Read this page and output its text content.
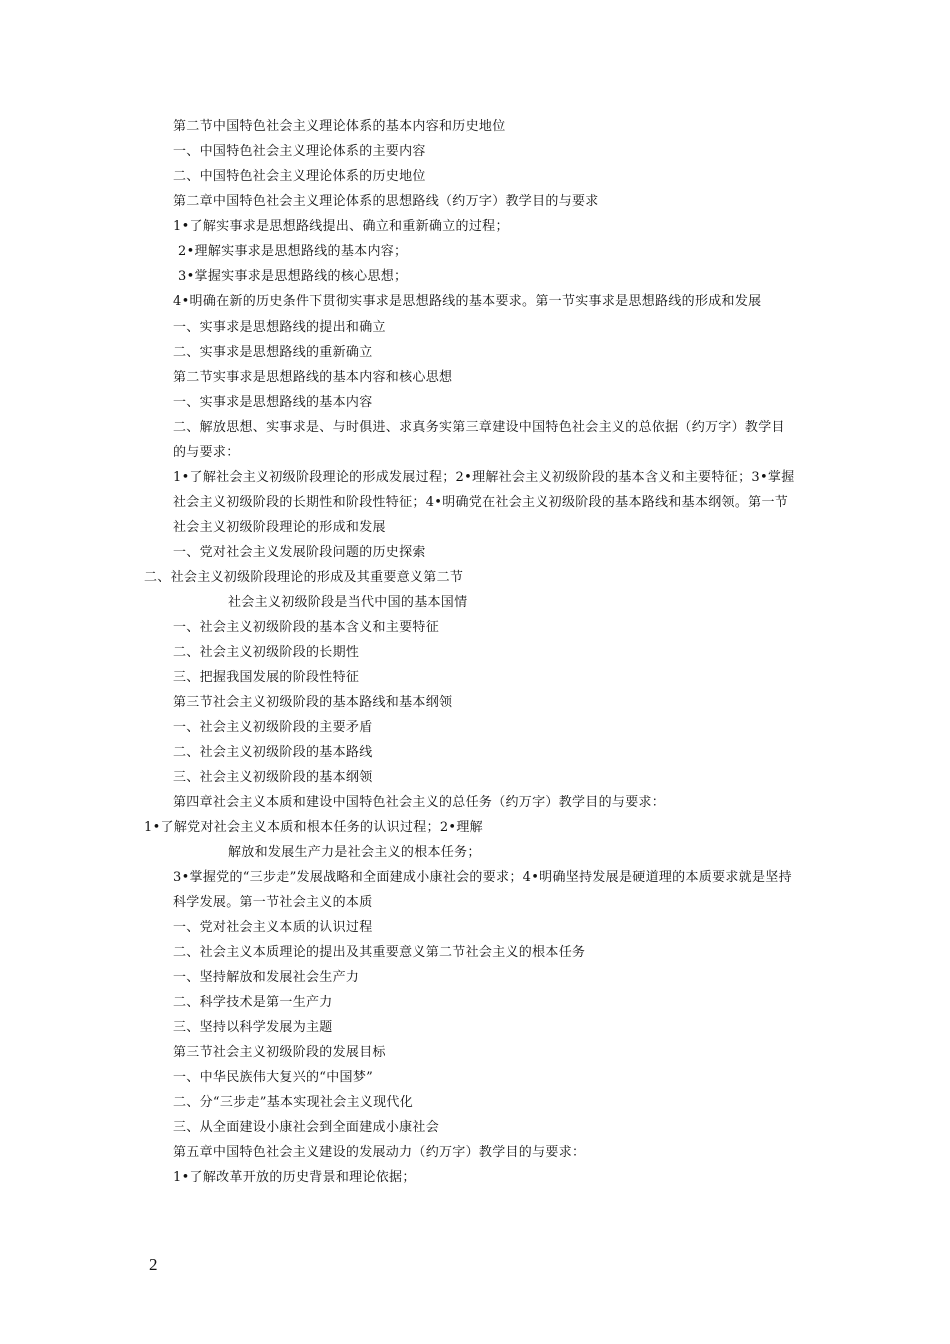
第二节中国特色社会主义理论体系的基本内容和历史地位
一、中国特色社会主义理论体系的主要内容
二、中国特色社会主义理论体系的历史地位
第二章中国特色社会主义理论体系的思想路线（约万字）教学目的与要求
1•了解实事求是思想路线提出、确立和重新确立的过程；
2•理解实事求是思想路线的基本内容；
3•掌握实事求是思想路线的核心思想；
4•明确在新的历史条件下贯彻实事求是思想路线的基本要求。第一节实事求是思想路线的形成和发展
一、实事求是思想路线的提出和确立
二、实事求是思想路线的重新确立
第二节实事求是思想路线的基本内容和核心思想
一、实事求是思想路线的基本内容
二、解放思想、实事求是、与时俱进、求真务实第三章建设中国特色社会主义的总依据（约万字）教学目
的与要求：
1•了解社会主义初级阶段理论的形成发展过程；2•理解社会主义初级阶段的基本含义和主要特征；3•掌握
社会主义初级阶段的长期性和阶段性特征；4•明确党在社会主义初级阶段的基本路线和基本纲领。第一节
社会主义初级阶段理论的形成和发展
一、党对社会主义发展阶段问题的历史探索
二、社会主义初级阶段理论的形成及其重要意义第二节
社会主义初级阶段是当代中国的基本国情
一、社会主义初级阶段的基本含义和主要特征
二、社会主义初级阶段的长期性
三、把握我国发展的阶段性特征
第三节社会主义初级阶段的基本路线和基本纲领
一、社会主义初级阶段的主要矛盾
二、社会主义初级阶段的基本路线
三、社会主义初级阶段的基本纲领
第四章社会主义本质和建设中国特色社会主义的总任务（约万字）教学目的与要求：
1•了解党对社会主义本质和根本任务的认识过程；2•理解
解放和发展生产力是社会主义的根本任务；
3•掌握党的“三步走”发展战略和全面建成小康社会的要求；4•明确坚持发展是硬道理的本质要求就是坚持
科学发展。第一节社会主义的本质
一、党对社会主义本质的认识过程
二、社会主义本质理论的提出及其重要意义第二节社会主义的根本任务
一、坚持解放和发展社会生产力
二、科学技术是第一生产力
三、坚持以科学发展为主题
第三节社会主义初级阶段的发展目标
一、中华民族伟大复兴的“中国梦”
二、分“三步走”基本实现社会主义现代化
三、从全面建设小康社会到全面建成小康社会
第五章中国特色社会主义建设的发展动力（约万字）教学目的与要求：
1•了解改革开放的历史背景和理论依据；
2
